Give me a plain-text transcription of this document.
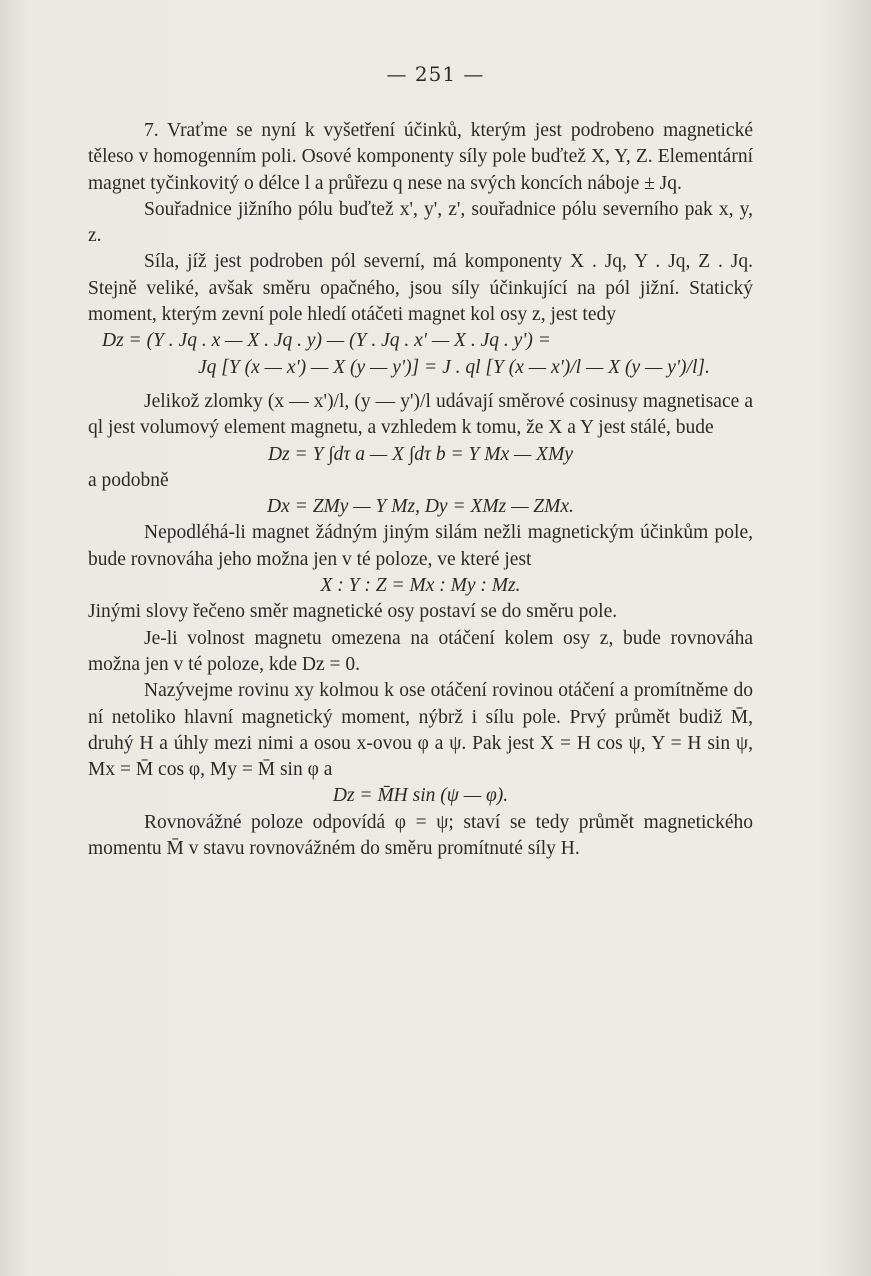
— 251 —

7. Vraťme se nyní k vyšetření účinků, kterým jest podrobeno magnetické těleso v homogenním poli. Osové komponenty síly pole buďtež X, Y, Z. Elementární magnet tyčinkovitý o délce l a průřezu q nese na svých koncích náboje ± Jq.

Souřadnice jižního pólu buďtež x', y', z', souřadnice pólu severního pak x, y, z.

Síla, jíž jest podroben pól severní, má komponenty X . Jq, Y . Jq, Z . Jq. Stejně veliké, avšak směru opačného, jsou síly účinkující na pól jižní. Statický moment, kterým zevní pole hledí otáčeti magnet kol osy z, jest tedy

Dz = (Y . Jq . x — X . Jq . y) — (Y . Jq . x' — X . Jq . y') =

Jq [Y (x — x') — X (y — y')] = J . ql [Y (x — x')/l — X (y — y')/l].

Jelikož zlomky (x — x')/l, (y — y')/l udávají směrové cosinusy magnetisace a ql jest volumový element magnetu, a vzhledem k tomu, že X a Y jest stálé, bude

Dz = Y ∫dτ a — X ∫dτ b = Y Mx — XMy

a podobně

Dx = ZMy — Y Mz, Dy = XMz — ZMx.

Nepodléhá-li magnet žádným jiným silám nežli magnetickým účinkům pole, bude rovnováha jeho možna jen v té poloze, ve které jest

X : Y : Z = Mx : My : Mz.

Jinými slovy řečeno směr magnetické osy postaví se do směru pole.

Je-li volnost magnetu omezena na otáčení kolem osy z, bude rovnováha možna jen v té poloze, kde Dz = 0.

Nazývejme rovinu xy kolmou k ose otáčení rovinou otáčení a promítněme do ní netoliko hlavní magnetický moment, nýbrž i sílu pole. Prvý průmět budiž M̄, druhý H a úhly mezi nimi a osou x-ovou φ a ψ. Pak jest X = H cos ψ, Y = H sin ψ, Mx = M̄ cos φ, My = M̄ sin φ a

Dz = M̄H sin (ψ — φ).

Rovnovážné poloze odpovídá φ = ψ; staví se tedy průmět magnetického momentu M̄ v stavu rovnovážném do směru promítnuté síly H.
